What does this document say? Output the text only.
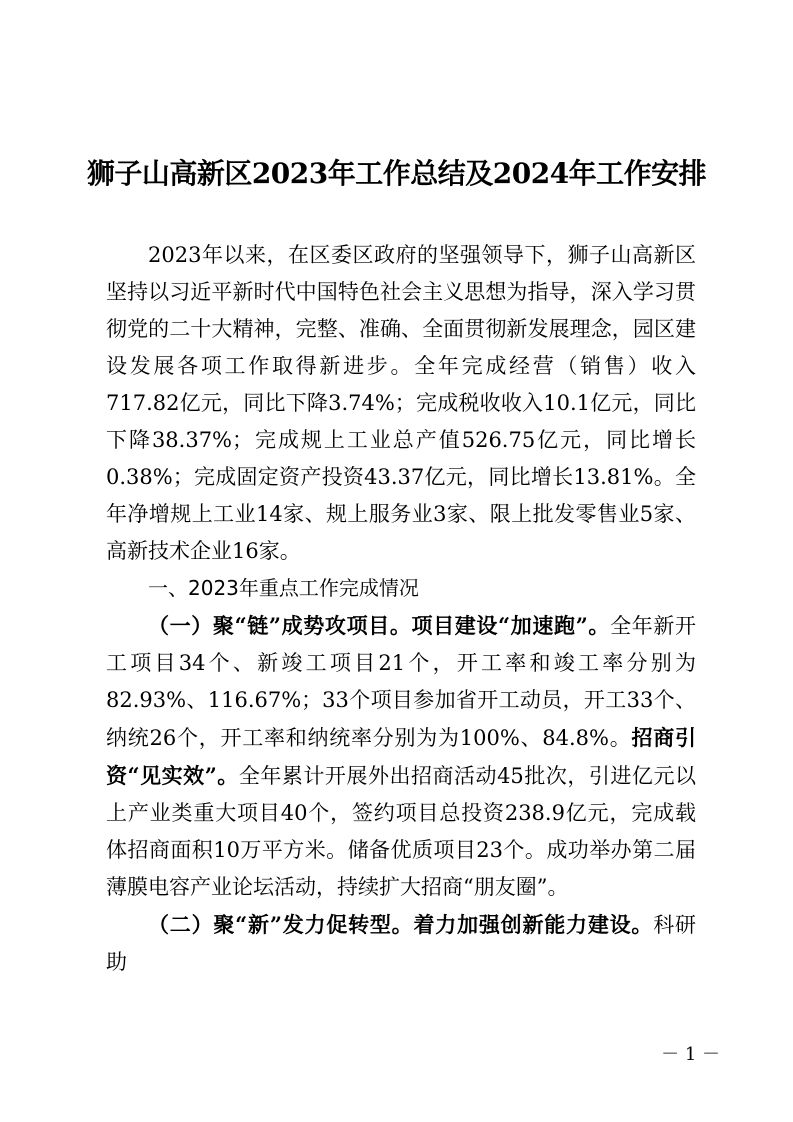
狮子山高新区2023年工作总结及2024年工作安排

2023年以来，在区委区政府的坚强领导下，狮子山高新区坚持以习近平新时代中国特色社会主义思想为指导，深入学习贯彻党的二十大精神，完整、准确、全面贯彻新发展理念，园区建设发展各项工作取得新进步。全年完成经营（销售）收入717.82亿元，同比下降3.74%；完成税收收入10.1亿元，同比下降38.37%；完成规上工业总产值526.75亿元，同比增长0.38%；完成固定资产投资43.37亿元，同比增长13.81%。全年净增规上工业14家、规上服务业3家、限上批发零售业5家、高新技术企业16家。

一、2023年重点工作完成情况

（一）聚“链”成势攻项目。项目建设“加速跑”。全年新开工项目34个、新竣工项目21个，开工率和竣工率分别为82.93%、116.67%；33个项目参加省开工动员，开工33个、纳统26个，开工率和纳统率分别为为100%、84.8%。招商引资“见实效”。全年累计开展外出招商活动45批次，引进亿元以上产业类重大项目40个，签约项目总投资238.9亿元，完成载体招商面积10万平方米。储备优质项目23个。成功举办第二届薄膜电容产业论坛活动，持续扩大招商“朋友圈”。

（二）聚“新”发力促转型。着力加强创新能力建设。科研助

－ 1 －
